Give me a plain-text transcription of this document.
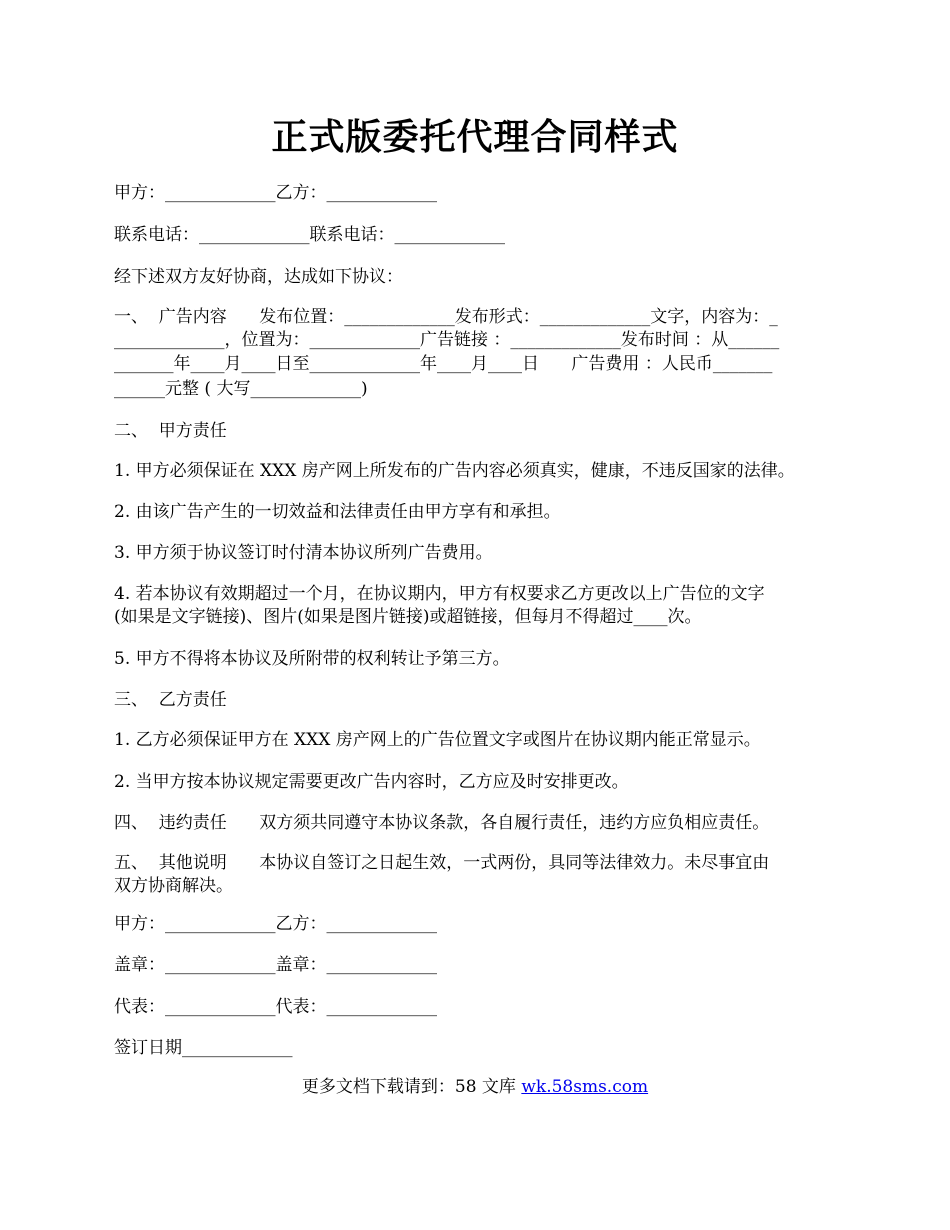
正式版委托代理合同样式
甲方：_____________乙方：_____________
联系电话：_____________联系电话：_____________
经下述双方友好协商，达成如下协议：
一、  广告内容      发布位置：_____________发布形式：_____________文字，内容为：_
_____________，位置为：_____________广告链接 ：_____________发布时间 ：从______
_______年____月____日至_____________年____月____日      广告费用 ：人民币_______
______元整 ( 大写_____________)
二、  甲方责任
1. 甲方必须保证在 XXX 房产网上所发布的广告内容必须真实，健康，不违反国家的法律。
2. 由该广告产生的一切效益和法律责任由甲方享有和承担。
3. 甲方须于协议签订时付清本协议所列广告费用。
4. 若本协议有效期超过一个月，在协议期内，甲方有权要求乙方更改以上广告位的文字
(如果是文字链接)、图片(如果是图片链接)或超链接，但每月不得超过____次。
5. 甲方不得将本协议及所附带的权利转让予第三方。
三、  乙方责任
1. 乙方必须保证甲方在 XXX 房产网上的广告位置文字或图片在协议期内能正常显示。
2. 当甲方按本协议规定需要更改广告内容时，乙方应及时安排更改。
四、  违约责任      双方须共同遵守本协议条款，各自履行责任，违约方应负相应责任。
五、  其他说明      本协议自签订之日起生效，一式两份，具同等法律效力。未尽事宜由
双方协商解决。
甲方：_____________乙方：_____________
盖章：_____________盖章：_____________
代表：_____________代表：_____________
签订日期_____________
更多文档下载请到：58 文库 wk.58sms.com
